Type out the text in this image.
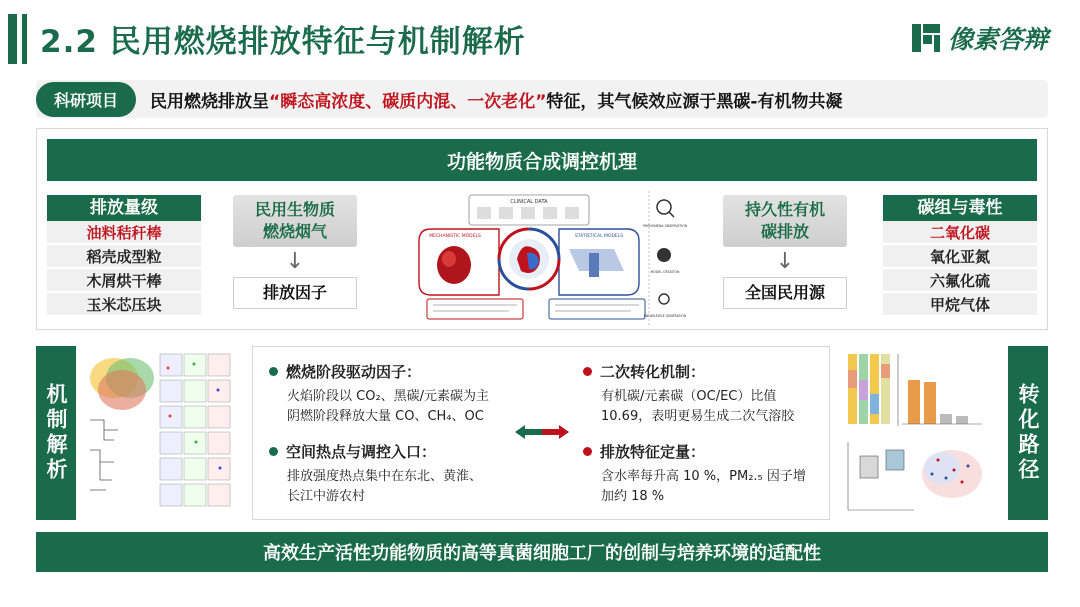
2.2 民用燃烧排放特征与机制解析	像素答辩
科研项目	民用燃烧排放呈“瞬态高浓度、碳质内混、一次老化”特征，其气候效应源于黑碳-有机物共凝
功能物质合成调控机理
排放量级
油料秸秆棒
稻壳成型粒
木屑烘干棒
玉米芯压块
民用生物质
燃烧烟气
↓
排放因子
CLINICAL DATA
MECHANISTIC MODELS	STATISTICAL MODELS
PHENOMENA OBSERVATION
MODEL CREATION
KNOWLEDGE GENERATION
持久性有机
碳排放
↓
全国民用源
碳组与毒性
二氧化碳
氧化亚氮
六氟化硫
甲烷气体
机制解析
燃烧阶段驱动因子：
火焰阶段以 CO₂、黑碳/元素碳为主
阴燃阶段释放大量 CO、CH₄、OC
空间热点与调控入口：
排放强度热点集中在东北、黄淮、
长江中游农村
二次转化机制：
有机碳/元素碳（OC/EC）比值
10.69，表明更易生成二次气溶胶
排放特征定量：
含水率每升高 10 %，PM₂.₅ 因子增
加约 18 %
转化路径
高效生产活性功能物质的高等真菌细胞工厂的创制与培养环境的适配性
